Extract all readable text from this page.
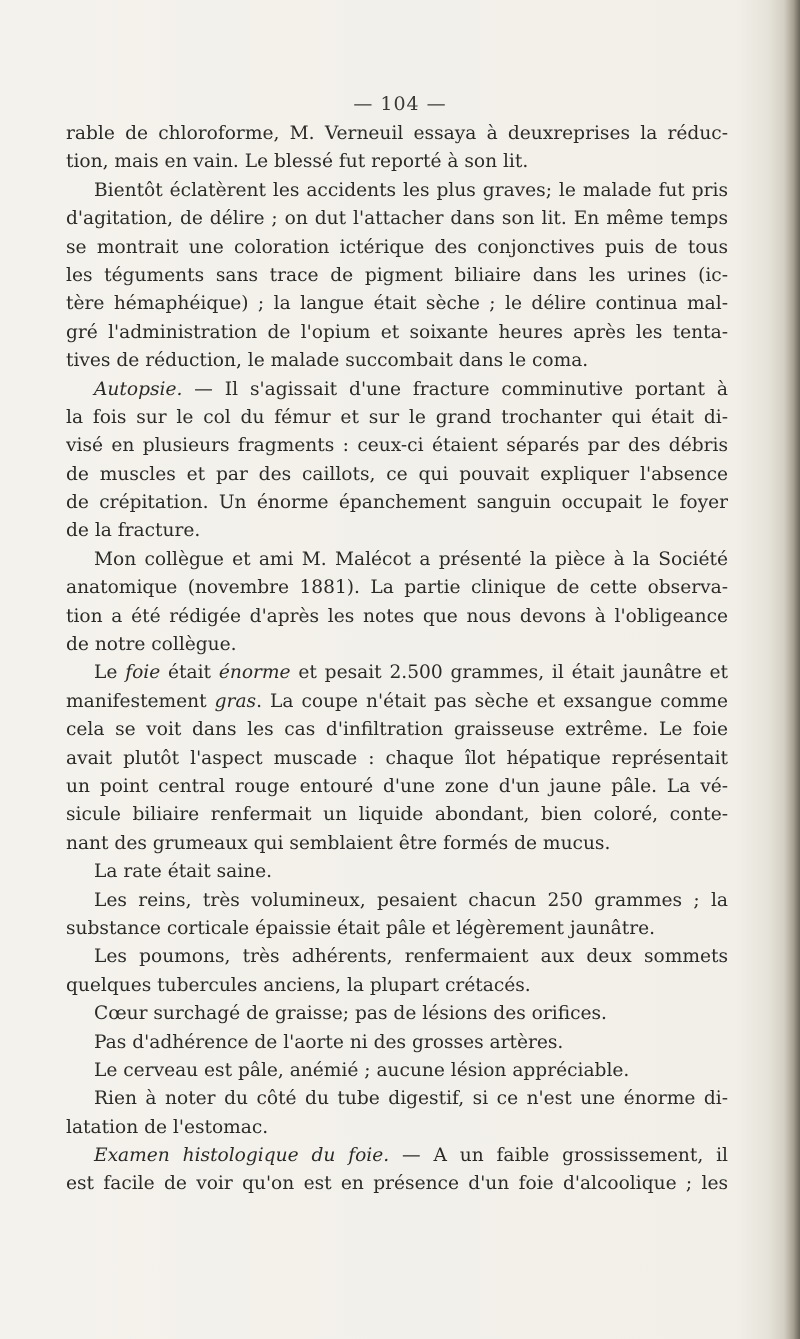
— 104 —
rable de chloroforme, M. Verneuil essaya à deuxreprises la réduc-
tion, mais en vain. Le blessé fut reporté à son lit.
Bientôt éclatèrent les accidents les plus graves; le malade fut pris
d'agitation, de délire ; on dut l'attacher dans son lit. En même temps
se montrait une coloration ictérique des conjonctives puis de tous
les téguments sans trace de pigment biliaire dans les urines (ic-
tère hémaphéique) ; la langue était sèche ; le délire continua mal-
gré l'administration de l'opium et soixante heures après les tenta-
tives de réduction, le malade succombait dans le coma.
Autopsie. — Il s'agissait d'une fracture comminutive portant à
la fois sur le col du fémur et sur le grand trochanter qui était di-
visé en plusieurs fragments : ceux-ci étaient séparés par des débris
de muscles et par des caillots, ce qui pouvait expliquer l'absence
de crépitation. Un énorme épanchement sanguin occupait le foyer
de la fracture.
Mon collègue et ami M. Malécot a présenté la pièce à la Société
anatomique (novembre 1881). La partie clinique de cette observa-
tion a été rédigée d'après les notes que nous devons à l'obligeance
de notre collègue.
Le foie était énorme et pesait 2.500 grammes, il était jaunâtre et
manifestement gras. La coupe n'était pas sèche et exsangue comme
cela se voit dans les cas d'infiltration graisseuse extrême. Le foie
avait plutôt l'aspect muscade : chaque îlot hépatique représentait
un point central rouge entouré d'une zone d'un jaune pâle. La vé-
sicule biliaire renfermait un liquide abondant, bien coloré, conte-
nant des grumeaux qui semblaient être formés de mucus.
La rate était saine.
Les reins, très volumineux, pesaient chacun 250 grammes ; la
substance corticale épaissie était pâle et légèrement jaunâtre.
Les poumons, très adhérents, renfermaient aux deux sommets
quelques tubercules anciens, la plupart crétacés.
Cœur surchagé de graisse; pas de lésions des orifices.
Pas d'adhérence de l'aorte ni des grosses artères.
Le cerveau est pâle, anémié ; aucune lésion appréciable.
Rien à noter du côté du tube digestif, si ce n'est une énorme di-
latation de l'estomac.
Examen histologique du foie. — A un faible grossissement, il
est facile de voir qu'on est en présence d'un foie d'alcoolique ; les
